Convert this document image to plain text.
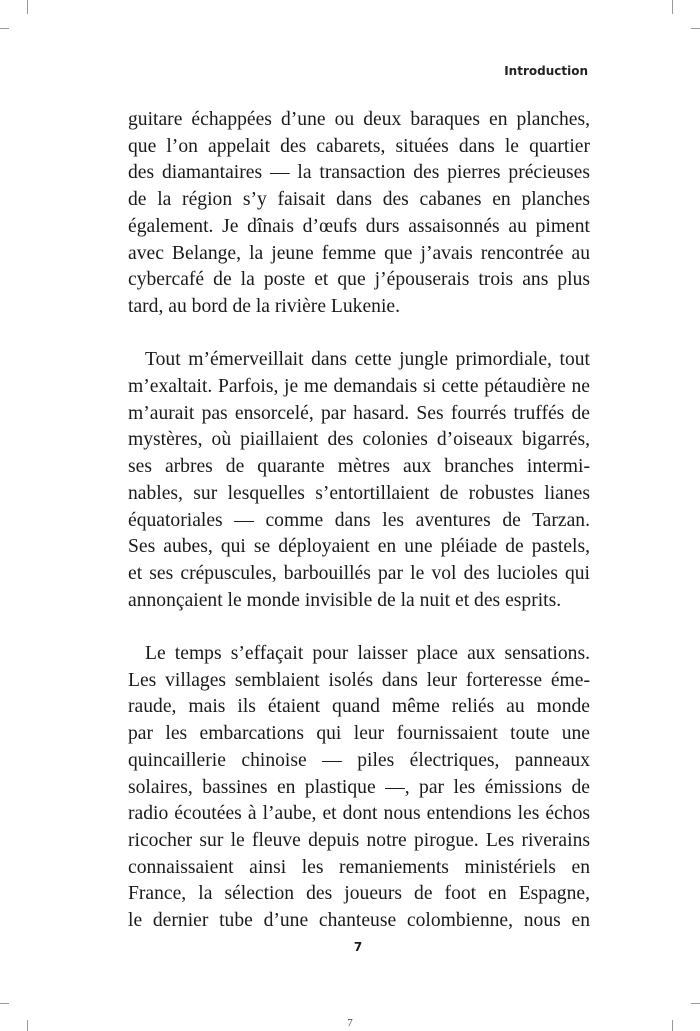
Introduction
guitare échappées d’une ou deux baraques en planches,
que l’on appelait des cabarets, situées dans le quartier
des diamantaires — la transaction des pierres précieuses
de la région s’y faisait dans des cabanes en planches
également. Je dînais d’œufs durs assaisonnés au piment
avec Belange, la jeune femme que j’avais rencontrée au
cybercafé de la poste et que j’épouserais trois ans plus
tard, au bord de la rivière Lukenie.
Tout m’émerveillait dans cette jungle primordiale, tout
m’exaltait. Parfois, je me demandais si cette pétaudière ne
m’aurait pas ensorcelé, par hasard. Ses fourrés truffés de
mystères, où piaillaient des colonies d’oiseaux bigarrés,
ses arbres de quarante mètres aux branches intermi-
nables, sur lesquelles s’entortillaient de robustes lianes
équatoriales — comme dans les aventures de Tarzan.
Ses aubes, qui se déployaient en une pléiade de pastels,
et ses crépuscules, barbouillés par le vol des lucioles qui
annonçaient le monde invisible de la nuit et des esprits.
Le temps s’effaçait pour laisser place aux sensations.
Les villages semblaient isolés dans leur forteresse éme-
raude, mais ils étaient quand même reliés au monde
par les embarcations qui leur fournissaient toute une
quincaillerie chinoise — piles électriques, panneaux
solaires, bassines en plastique —, par les émissions de
radio écoutées à l’aube, et dont nous entendions les échos
ricocher sur le fleuve depuis notre pirogue. Les riverains
connaissaient ainsi les remaniements ministériels en
France, la sélection des joueurs de foot en Espagne,
le dernier tube d’une chanteuse colombienne, nous en
7
7
